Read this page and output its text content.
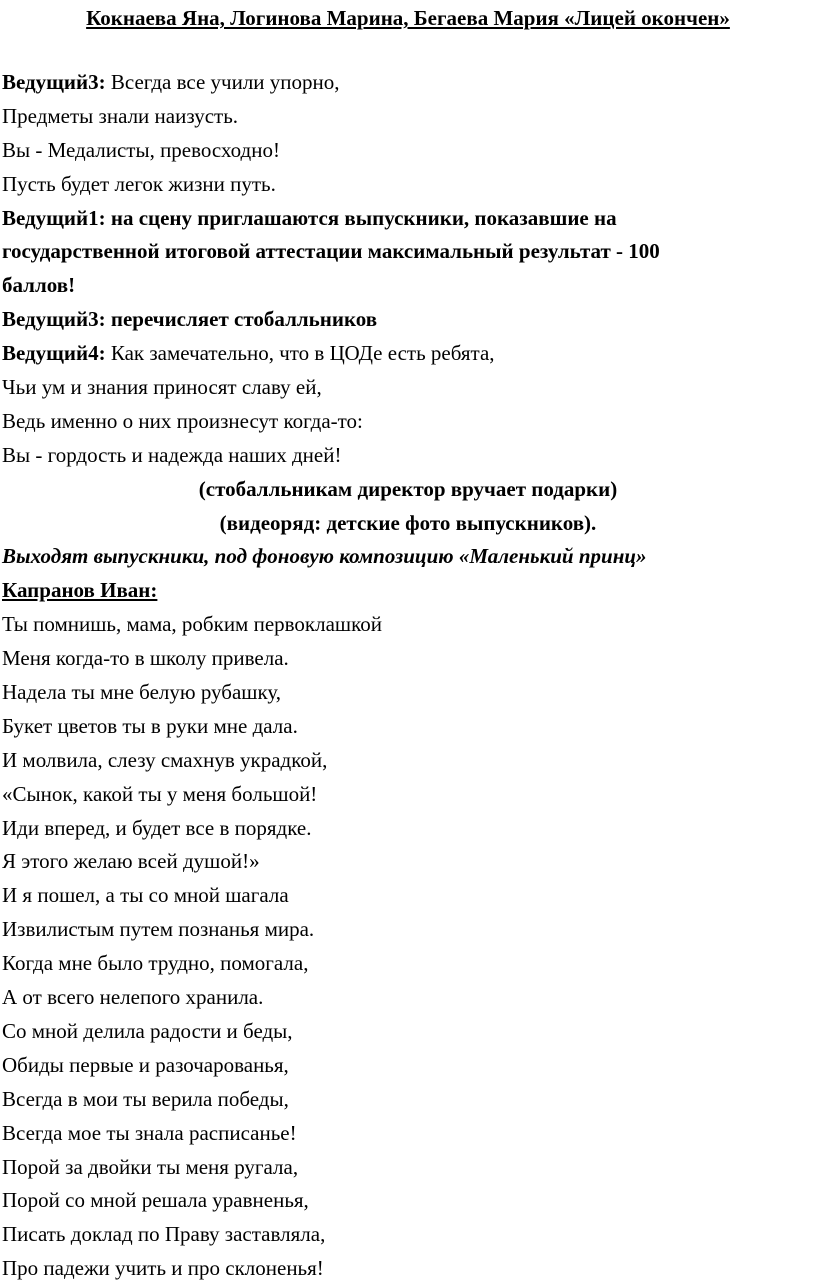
Кокнаева Яна, Логинова Марина, Бегаева Мария «Лицей окончен»
Ведущий3: Всегда все учили упорно,
Предметы знали наизусть.
Вы - Медалисты, превосходно!
Пусть будет легок жизни путь.
Ведущий1: на сцену приглашаются выпускники, показавшие на
государственной итоговой аттестации максимальный результат - 100
баллов!
Ведущий3: перечисляет стобалльников
Ведущий4: Как замечательно, что в ЦОДе есть ребята,
Чьи ум и знания приносят славу ей,
Ведь именно о них произнесут когда-то:
Вы - гордость и надежда наших дней!
(стобалльникам директор вручает подарки)
(видеоряд: детские фото выпускников).
Выходят выпускники, под фоновую композицию «Маленький принц»
Капранов Иван:
Ты помнишь, мама, робким первоклашкой
Меня когда-то в школу привела.
Надела ты мне белую рубашку,
Букет цветов ты в руки мне дала.
И молвила, слезу смахнув украдкой,
«Сынок, какой ты у меня большой!
Иди вперед, и будет все в порядке.
Я этого желаю всей душой!»
И я пошел, а ты со мной шагала
Извилистым путем познанья мира.
Когда мне было трудно, помогала,
А от всего нелепого хранила.
Со мной делила радости и беды,
Обиды первые и разочарованья,
Всегда в мои ты верила победы,
Всегда мое ты знала расписанье!
Порой за двойки ты меня ругала,
Порой со мной решала уравненья,
Писать доклад по Праву заставляла,
Про падежи учить и про склоненья!
